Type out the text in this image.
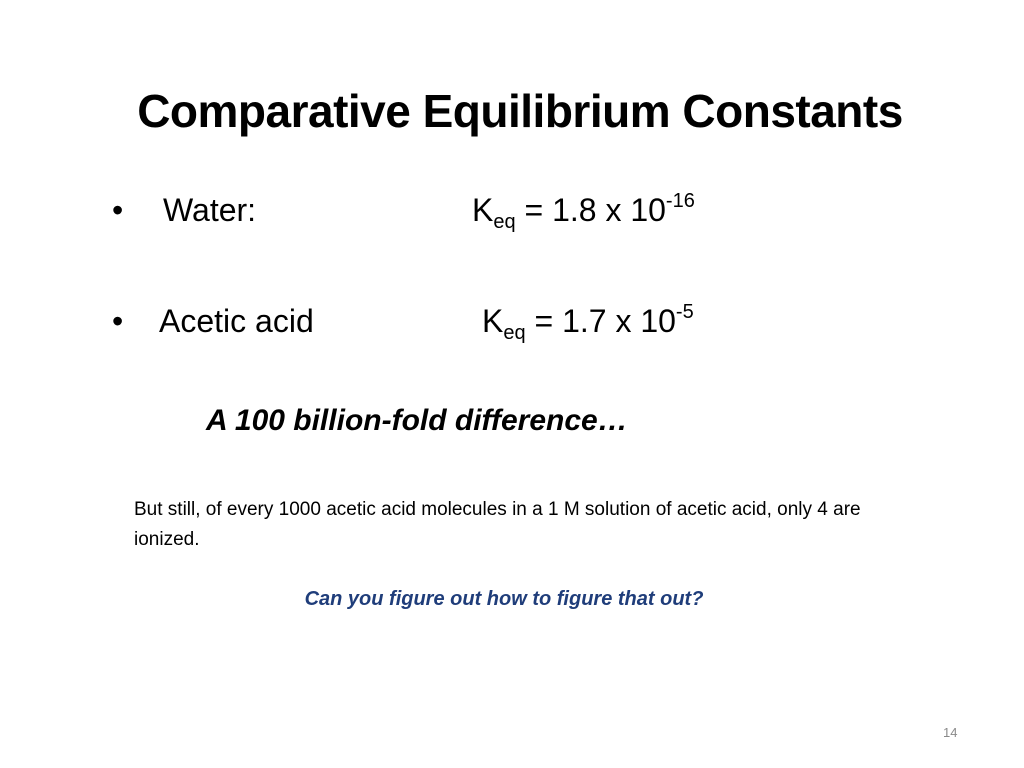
Comparative Equilibrium Constants
• Water:	$K_{eq} = 1.8$ x $10^{-16}$
• Acetic acid	$K_{eq} = 1.7$ x $10^{-5}$
A 100 billion-fold difference…
But still, of every 1000 acetic acid molecules in a 1 M solution of acetic acid, only 4 are ionized.
Can you figure out how to figure that out?
14
